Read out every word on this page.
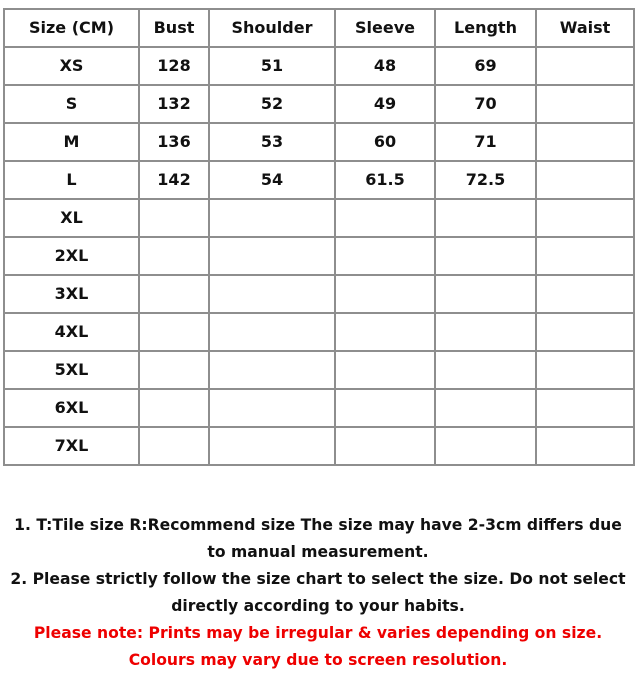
Size (CM)	Bust	Shoulder	Sleeve	Length	Waist
XS	128	51	48	69	
S	132	52	49	70	
M	136	53	60	71	
L	142	54	61.5	72.5	
XL					
2XL					
3XL					
4XL					
5XL					
6XL					
7XL					

1. T:Tile size R:Recommend size The size may have 2-3cm differs due

to manual measurement.

2. Please strictly follow the size chart to select the size. Do not select

directly according to your habits.

Please note: Prints may be irregular & varies depending on size.

Colours may vary due to screen resolution.
